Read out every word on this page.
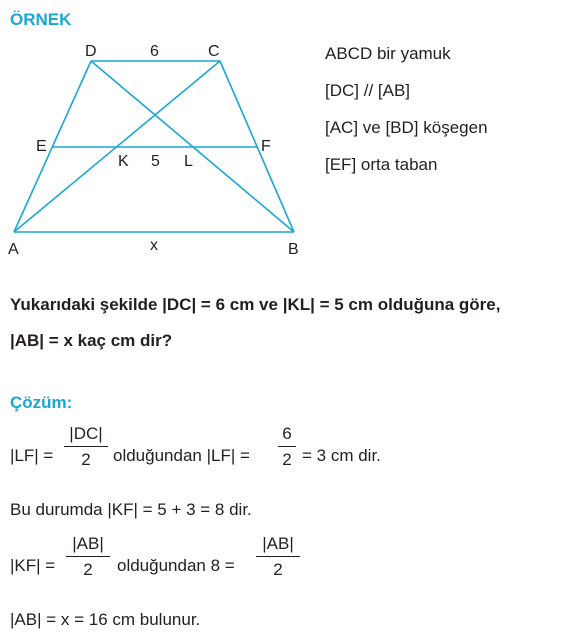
ÖRNEK
D	C
6
E	F
K 5 L
A	x	B
ABCD bir yamuk
[DC] // [AB]
[AC] ve [BD] köşegen
[EF] orta taban
Yukarıdaki şekilde |DC| = 6 cm ve |KL| = 5 cm olduğuna göre,
|AB| = x kaç cm dir?
Çözüm:
|LF| =
|DC|
2	olduğundan |LF| =
6
2 = 3 cm dir.
Bu durumda |KF| = 5 + 3 = 8 dir.
|KF| =
|AB|
2	olduğundan 8 =
|AB|
2
|AB| = x = 16 cm bulunur.
